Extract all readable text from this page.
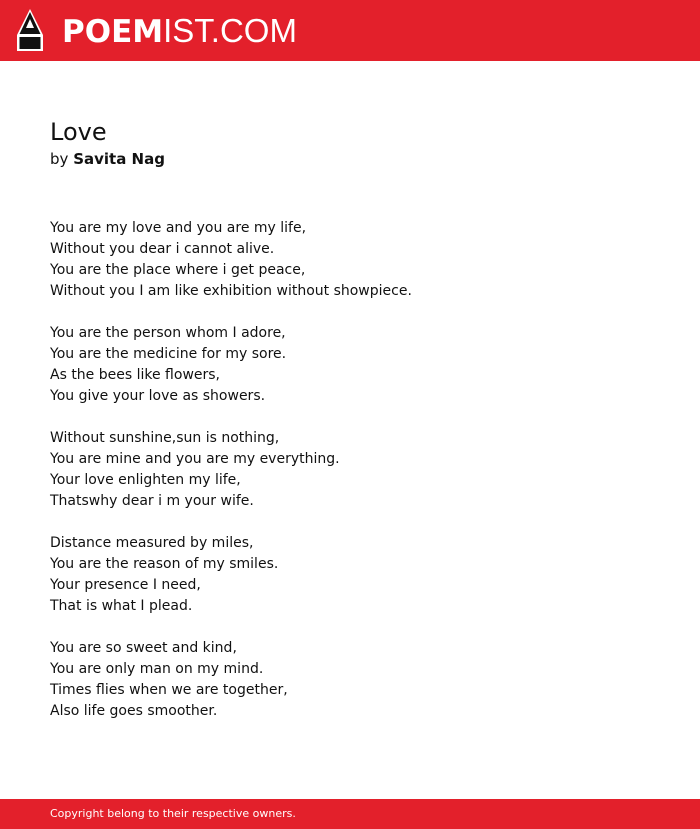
POEMIST.COM
Love
by Savita Nag
You are my love and you are my life,
Without you dear i cannot alive.
You are the place where i get peace,
Without you I am like exhibition without showpiece.
You are the person whom I adore,
You are the medicine for my sore.
As the bees like flowers,
You give your love as showers.
Without sunshine,sun is nothing,
You are mine and you are my everything.
Your love enlighten my life,
Thatswhy dear i m your wife.
Distance measured by miles,
You are the reason of my smiles.
Your presence I need,
That is what I plead.
You are so sweet and kind,
You are only man on my mind.
Times flies when we are together,
Also life goes smoother.
Copyright belong to their respective owners.
